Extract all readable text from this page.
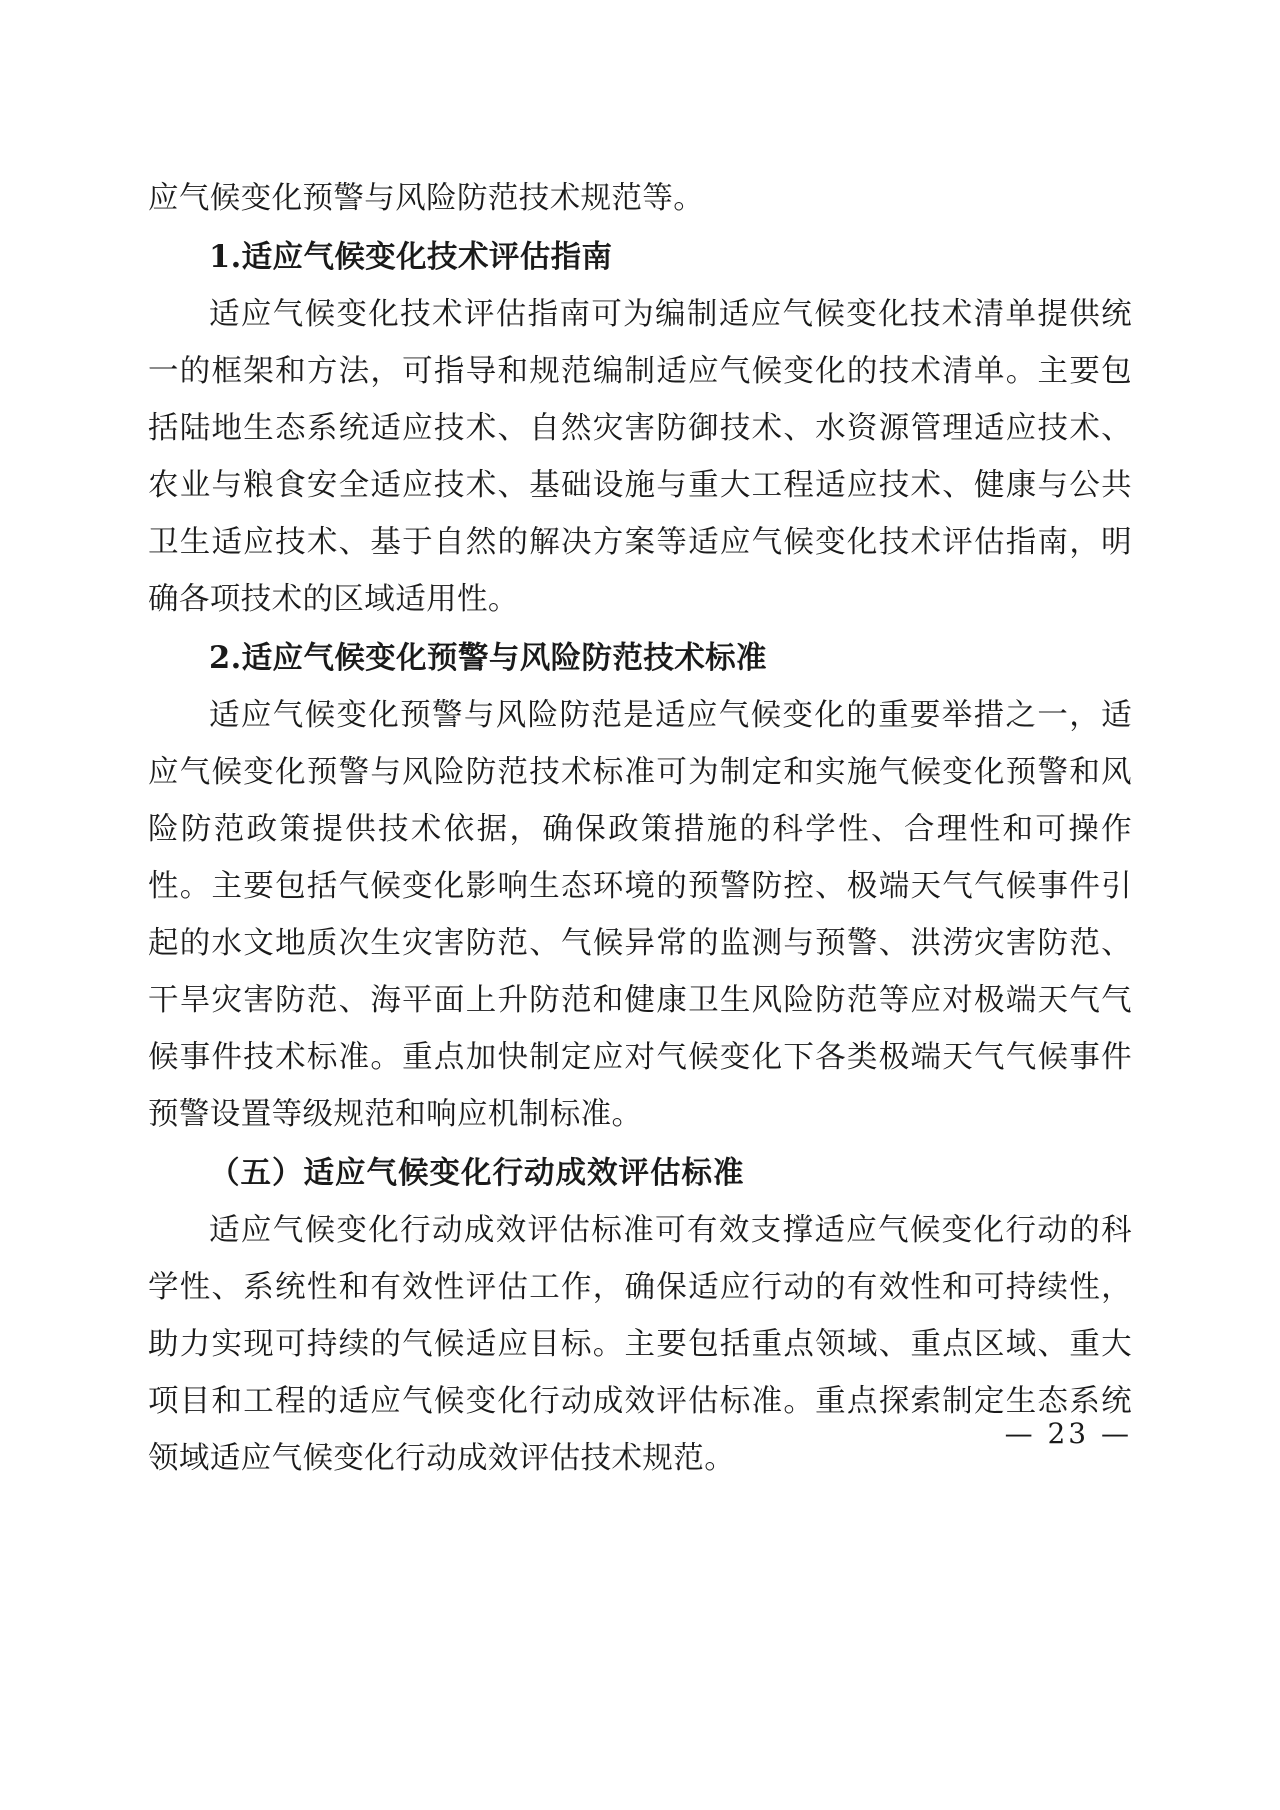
应气候变化预警与风险防范技术规范等。

1.适应气候变化技术评估指南

适应气候变化技术评估指南可为编制适应气候变化技术清单提供统一的框架和方法，可指导和规范编制适应气候变化的技术清单。主要包括陆地生态系统适应技术、自然灾害防御技术、水资源管理适应技术、农业与粮食安全适应技术、基础设施与重大工程适应技术、健康与公共卫生适应技术、基于自然的解决方案等适应气候变化技术评估指南，明确各项技术的区域适用性。

2.适应气候变化预警与风险防范技术标准

适应气候变化预警与风险防范是适应气候变化的重要举措之一，适应气候变化预警与风险防范技术标准可为制定和实施气候变化预警和风险防范政策提供技术依据，确保政策措施的科学性、合理性和可操作性。主要包括气候变化影响生态环境的预警防控、极端天气气候事件引起的水文地质次生灾害防范、气候异常的监测与预警、洪涝灾害防范、干旱灾害防范、海平面上升防范和健康卫生风险防范等应对极端天气气候事件技术标准。重点加快制定应对气候变化下各类极端天气气候事件预警设置等级规范和响应机制标准。

（五）适应气候变化行动成效评估标准

适应气候变化行动成效评估标准可有效支撑适应气候变化行动的科学性、系统性和有效性评估工作，确保适应行动的有效性和可持续性，助力实现可持续的气候适应目标。主要包括重点领域、重点区域、重大项目和工程的适应气候变化行动成效评估标准。重点探索制定生态系统领域适应气候变化行动成效评估技术规范。

— 23 —
